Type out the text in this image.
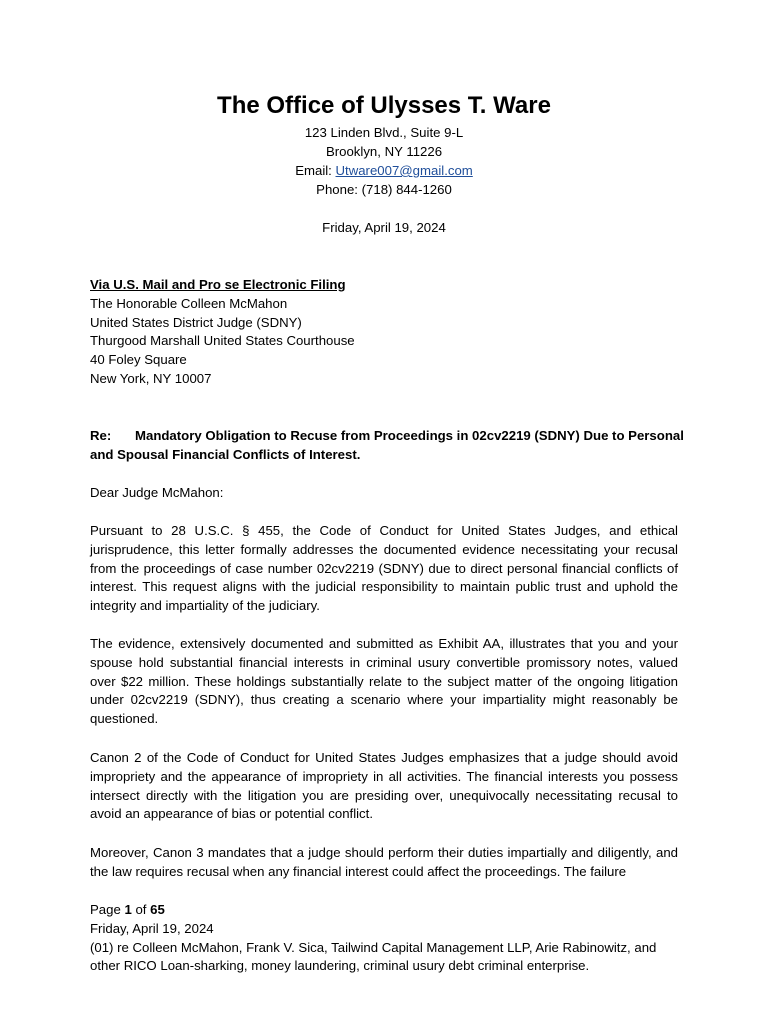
The Office of Ulysses T. Ware
123 Linden Blvd., Suite 9-L
Brooklyn, NY 11226
Email: Utware007@gmail.com
Phone: (718) 844-1260
Friday, April 19, 2024
Via U.S. Mail and Pro se Electronic Filing
The Honorable Colleen McMahon
United States District Judge (SDNY)
Thurgood Marshall United States Courthouse
40 Foley Square
New York, NY 10007
Re: Mandatory Obligation to Recuse from Proceedings in 02cv2219 (SDNY) Due to Personal
and Spousal Financial Conflicts of Interest.
Dear Judge McMahon:
Pursuant to 28 U.S.C. § 455, the Code of Conduct for United States Judges, and ethical jurisprudence, this letter formally addresses the documented evidence necessitating your recusal from the proceedings of case number 02cv2219 (SDNY) due to direct personal financial conflicts of interest. This request aligns with the judicial responsibility to maintain public trust and uphold the integrity and impartiality of the judiciary.
The evidence, extensively documented and submitted as Exhibit AA, illustrates that you and your spouse hold substantial financial interests in criminal usury convertible promissory notes, valued over $22 million. These holdings substantially relate to the subject matter of the ongoing litigation under 02cv2219 (SDNY), thus creating a scenario where your impartiality might reasonably be questioned.
Canon 2 of the Code of Conduct for United States Judges emphasizes that a judge should avoid impropriety and the appearance of impropriety in all activities. The financial interests you possess intersect directly with the litigation you are presiding over, unequivocally necessitating recusal to avoid an appearance of bias or potential conflict.
Moreover, Canon 3 mandates that a judge should perform their duties impartially and diligently, and the law requires recusal when any financial interest could affect the proceedings. The failure
Page 1 of 65
Friday, April 19, 2024
(01) re Colleen McMahon, Frank V. Sica, Tailwind Capital Management LLP, Arie Rabinowitz, and
other RICO Loan-sharking, money laundering, criminal usury debt criminal enterprise.
